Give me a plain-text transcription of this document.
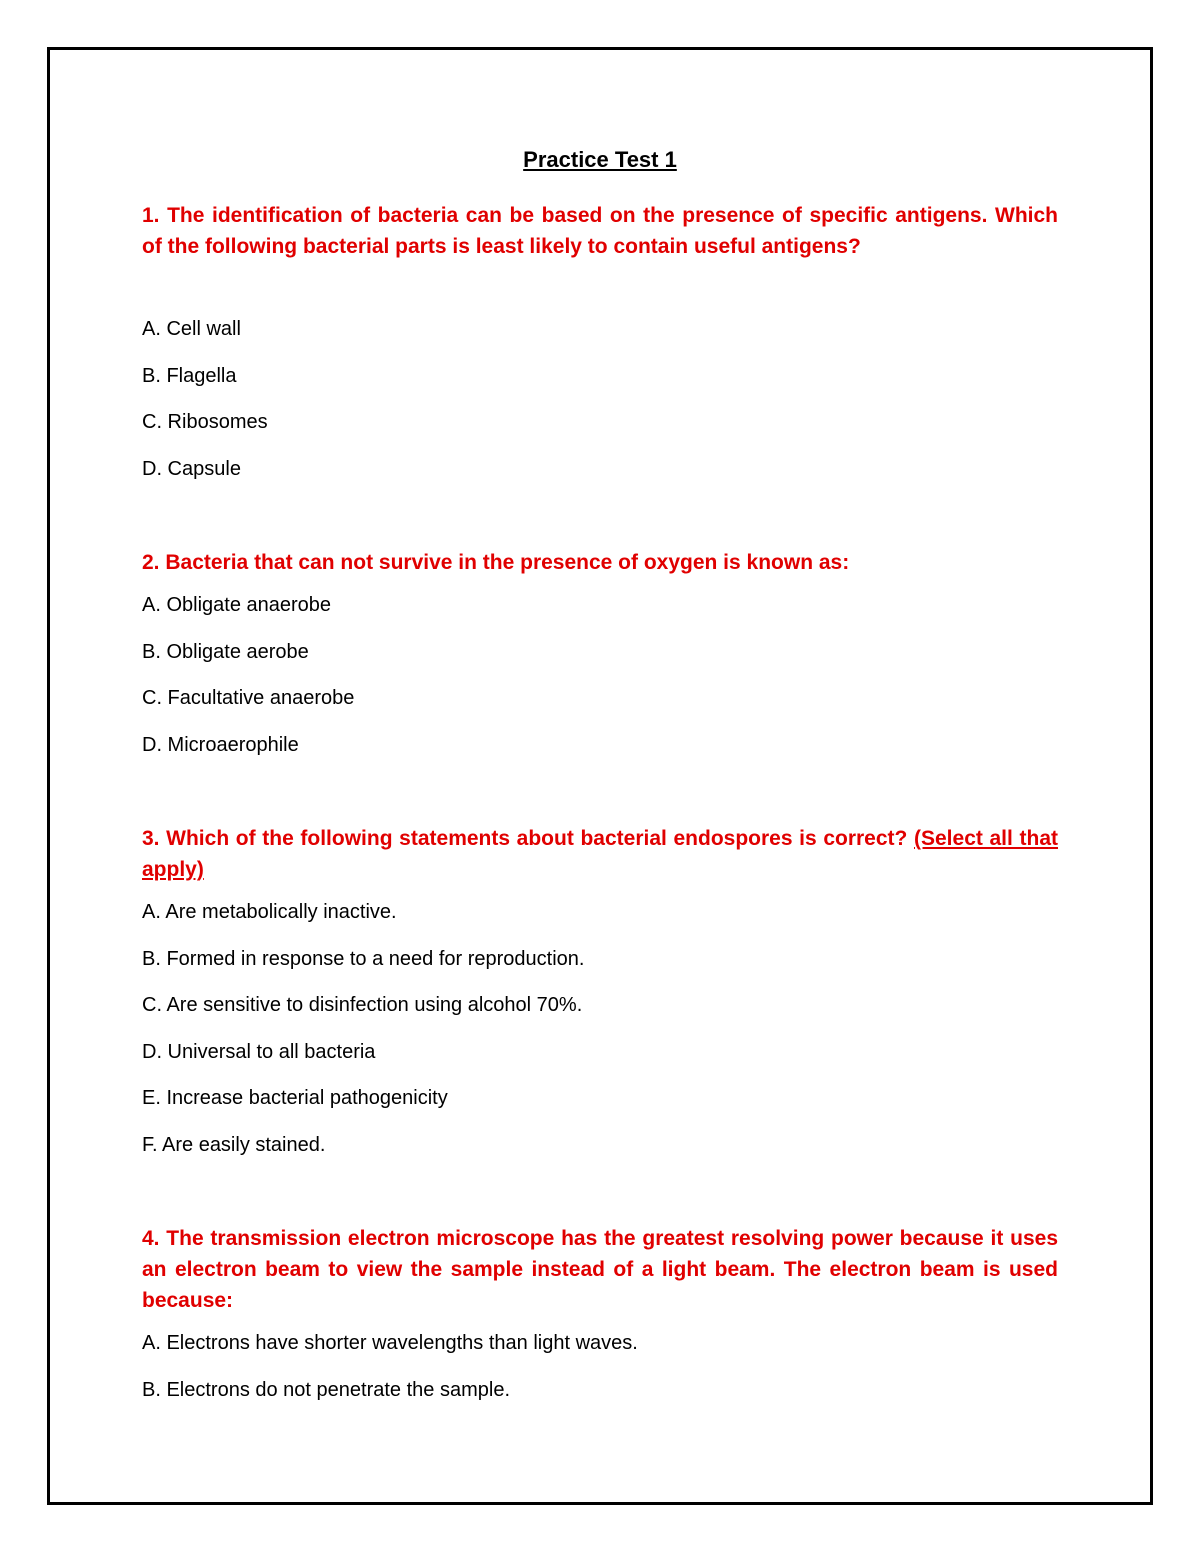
Practice Test 1

1. The identification of bacteria can be based on the presence of specific antigens. Which of the following bacterial parts is least likely to contain useful antigens?

A. Cell wall

B. Flagella

C. Ribosomes

D. Capsule

2. Bacteria that can not survive in the presence of oxygen is known as:

A. Obligate anaerobe

B. Obligate aerobe

C. Facultative anaerobe

D. Microaerophile

3. Which of the following statements about bacterial endospores is correct? (Select all that apply)

A. Are metabolically inactive.

B. Formed in response to a need for reproduction.

C. Are sensitive to disinfection using alcohol 70%.

D. Universal to all bacteria

E. Increase bacterial pathogenicity

F. Are easily stained.

4. The transmission electron microscope has the greatest resolving power because it uses an electron beam to view the sample instead of a light beam. The electron beam is used because:

A. Electrons have shorter wavelengths than light waves.

B. Electrons do not penetrate the sample.
